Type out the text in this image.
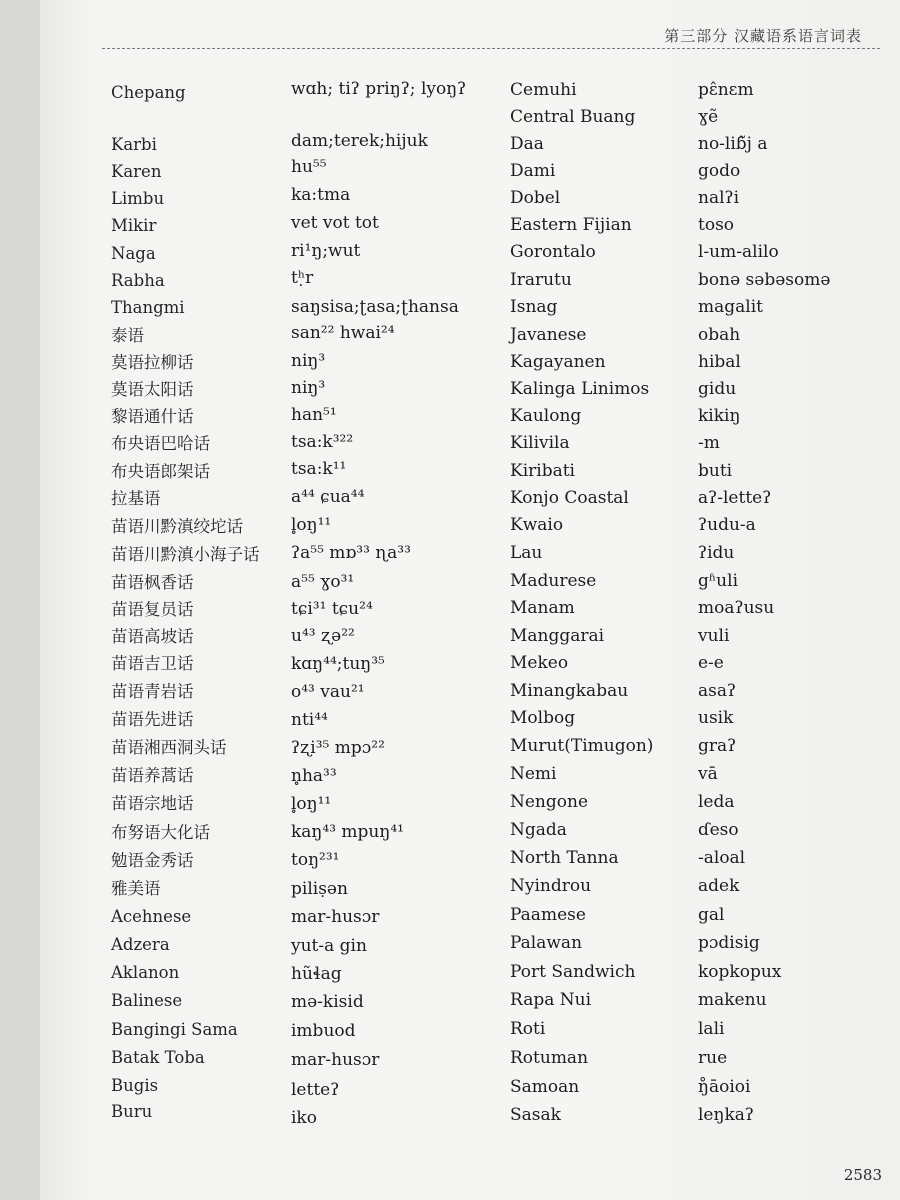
第三部分 汉藏语系语言词表
Chepang
Karbi
Karen
Limbu
Mikir
Naga
Rabha
Thangmi
泰语
莫语拉柳话
莫语太阳话
黎语通什话
布央语巴哈话
布央语郎架话
拉基语
苗语川黔滇绞坨话
苗语川黔滇小海子话
苗语枫香话
苗语复员话
苗语高坡话
苗语吉卫话
苗语青岩话
苗语先进话
苗语湘西洞头话
苗语养蒿话
苗语宗地话
布努语大化话
勉语金秀话
雅美语
Acehnese
Adzera
Aklanon
Balinese
Bangingi Sama
Batak Toba
Bugis
Buru
wɑh; tiʔ priŋʔ; lyoŋʔ
dam;terek;hijuk
hu⁵⁵
ka:tma
vet vot tot
ri¹ŋ;wut
tʰ̣r
saŋsisa;ʈasa;ʈhansa
san²² hwai²⁴
niŋ³
niŋ³
han⁵¹
tsa:k³²²
tsa:k¹¹
a⁴⁴ ɕua⁴⁴
l̥oŋ¹¹
ʔa⁵⁵ mɒ³³ ɳa³³
a⁵⁵ ɣo³¹
tɕi³¹ tɕu²⁴
u⁴³ ʐə²²
kɑŋ⁴⁴;tuŋ³⁵
o⁴³ vau²¹
nti⁴⁴
ʔʐi³⁵ mpɔ²²
n̥ha³³
l̥oŋ¹¹
kaŋ⁴³ mpuŋ⁴¹
toŋ²³¹
piliṣən
mar-husɔr
yut-a gin
hũɬag
mə-kisid
imbuod
mar-husɔr
letteʔ
iko
Cemuhi
Central Buang
Daa
Dami
Dobel
Eastern Fijian
Gorontalo
Irarutu
Isnag
Javanese
Kagayanen
Kalinga Linimos
Kaulong
Kilivila
Kiribati
Konjo Coastal
Kwaio
Lau
Madurese
Manam
Manggarai
Mekeo
Minangkabau
Molbog
Murut(Timugon)
Nemi
Nengone
Ngada
North Tanna
Nyindrou
Paamese
Palawan
Port Sandwich
Rapa Nui
Roti
Rotuman
Samoan
Sasak
pɛ̂nɛm
ɣẽ
no-liɓ̃j a
godo
nalʔi
toso
l-um-alilo
bonə səbəsomə
magalit
obah
hibal
gidu
kikiŋ
-m
buti
aʔ-letteʔ
ʔudu-a
ʔidu
gʱuli
moaʔusu
vuli
e-e
asaʔ
usik
graʔ
vā
leda
ɗeso
-aloal
adek
gal
pɔdisig
kopkopux
makenu
lali
rue
ŋ̊āoioi
leŋkaʔ
2583
